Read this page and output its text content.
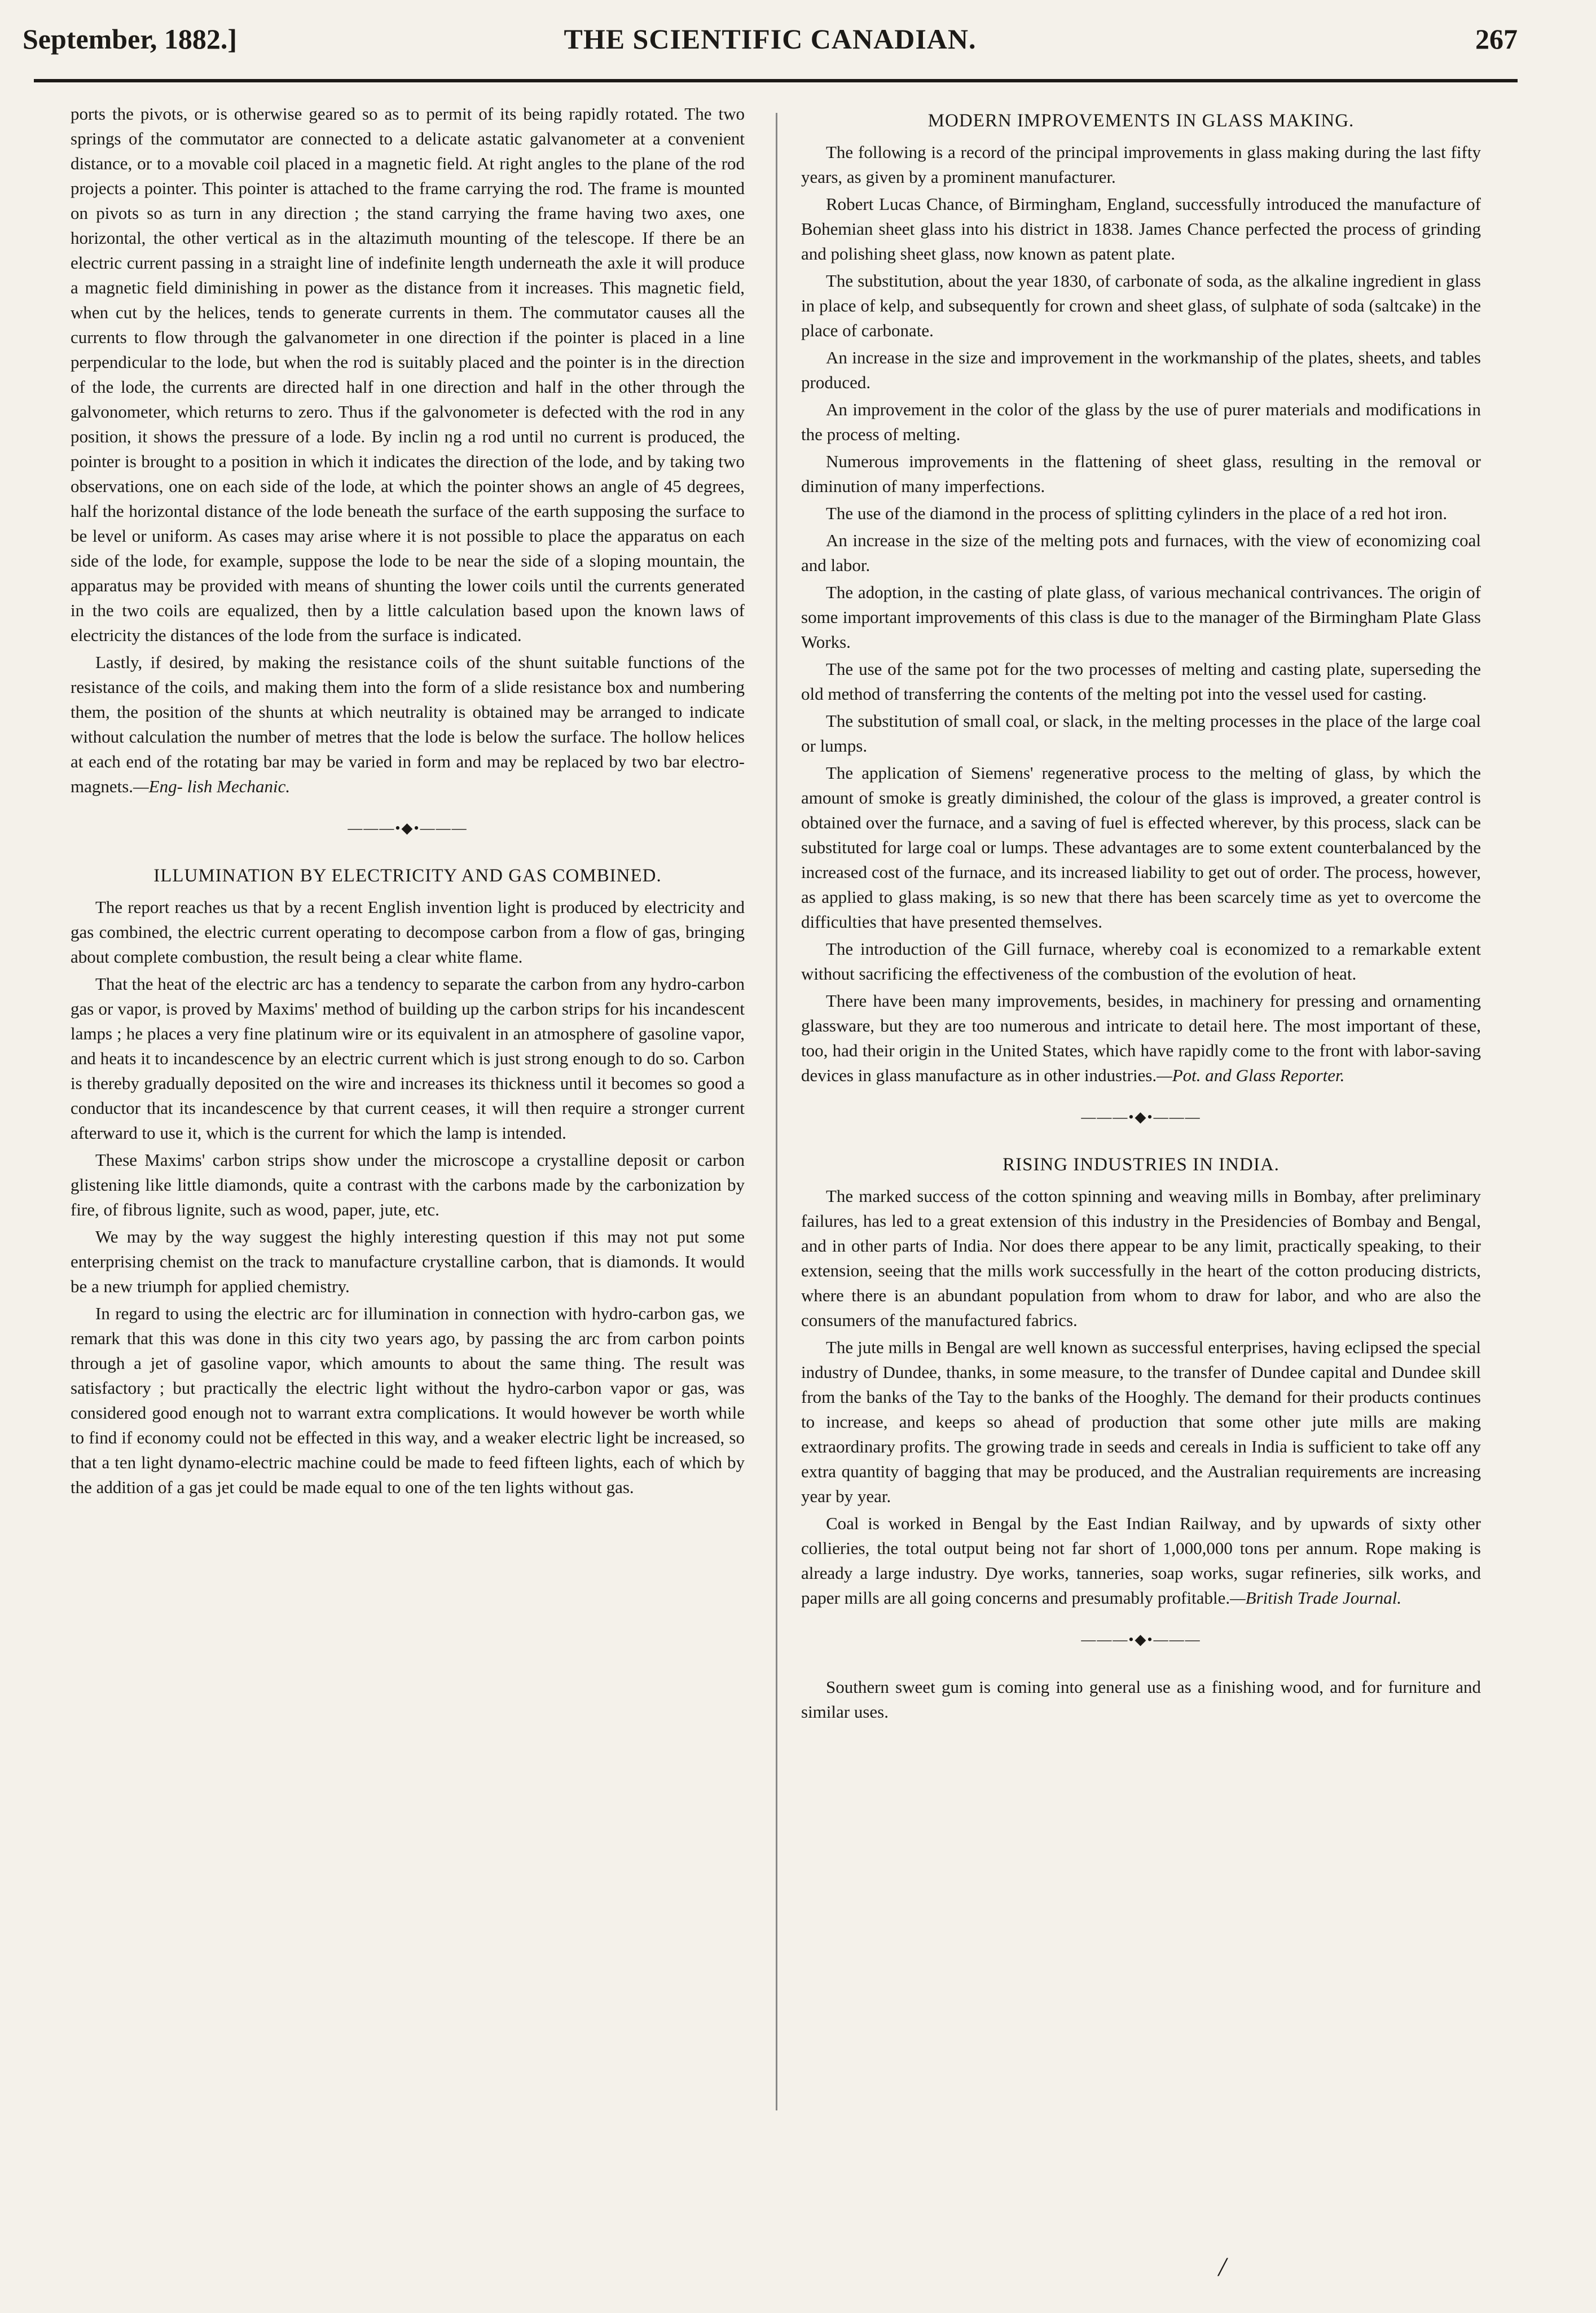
September, 1882.]	THE SCIENTIFIC CANADIAN.	267

ports the pivots, or is otherwise geared so as to permit of its being rapidly rotated. The two springs of the commutator are connected to a delicate astatic galvanometer at a convenient distance, or to a movable coil placed in a magnetic field. At right angles to the plane of the rod projects a pointer. This pointer is attached to the frame carrying the rod. The frame is mounted on pivots so as turn in any direction ; the stand carrying the frame having two axes, one horizontal, the other vertical as in the altazimuth mounting of the telescope. If there be an electric current passing in a straight line of indefinite length underneath the axle it will produce a magnetic field diminishing in power as the distance from it increases. This magnetic field, when cut by the helices, tends to generate currents in them. The commutator causes all the currents to flow through the galvanometer in one direction if the pointer is placed in a line perpendicular to the lode, but when the rod is suitably placed and the pointer is in the direction of the lode, the currents are directed half in one direction and half in the other through the galvonometer, which returns to zero. Thus if the galvonometer is defected with the rod in any position, it shows the pressure of a lode. By inclin ng a rod until no current is produced, the pointer is brought to a position in which it indicates the direction of the lode, and by taking two observations, one on each side of the lode, at which the pointer shows an angle of 45 degrees, half the horizontal distance of the lode beneath the surface of the earth supposing the surface to be level or uniform. As cases may arise where it is not possible to place the apparatus on each side of the lode, for example, suppose the lode to be near the side of a sloping mountain, the apparatus may be provided with means of shunting the lower coils until the currents generated in the two coils are equalized, then by a little calculation based upon the known laws of electricity the distances of the lode from the surface is indicated.

Lastly, if desired, by making the resistance coils of the shunt suitable functions of the resistance of the coils, and making them into the form of a slide resistance box and numbering them, the position of the shunts at which neutrality is obtained may be arranged to indicate without calculation the number of metres that the lode is below the surface. The hollow helices at each end of the rotating bar may be varied in form and may be replaced by two bar electro-magnets.—Eng- lish Mechanic.

———•◆•———
ILLUMINATION BY ELECTRICITY AND GAS COMBINED.

The report reaches us that by a recent English invention light is produced by electricity and gas combined, the electric current operating to decompose carbon from a flow of gas, bringing about complete combustion, the result being a clear white flame.

That the heat of the electric arc has a tendency to separate the carbon from any hydro-carbon gas or vapor, is proved by Maxims' method of building up the carbon strips for his incandescent lamps ; he places a very fine platinum wire or its equivalent in an atmosphere of gasoline vapor, and heats it to incandescence by an electric current which is just strong enough to do so. Carbon is thereby gradually deposited on the wire and increases its thickness until it becomes so good a conductor that its incandescence by that current ceases, it will then require a stronger current afterward to use it, which is the current for which the lamp is intended.

These Maxims' carbon strips show under the microscope a crystalline deposit or carbon glistening like little diamonds, quite a contrast with the carbons made by the carbonization by fire, of fibrous lignite, such as wood, paper, jute, etc.

We may by the way suggest the highly interesting question if this may not put some enterprising chemist on the track to manufacture crystalline carbon, that is diamonds. It would be a new triumph for applied chemistry.

In regard to using the electric arc for illumination in connection with hydro-carbon gas, we remark that this was done in this city two years ago, by passing the arc from carbon points through a jet of gasoline vapor, which amounts to about the same thing. The result was satisfactory ; but practically the electric light without the hydro-carbon vapor or gas, was considered good enough not to warrant extra complications. It would however be worth while to find if economy could not be effected in this way, and a weaker electric light be increased, so that a ten light dynamo-electric machine could be made to feed fifteen lights, each of which by the addition of a gas jet could be made equal to one of the ten lights without gas.

MODERN IMPROVEMENTS IN GLASS MAKING.

The following is a record of the principal improvements in glass making during the last fifty years, as given by a prominent manufacturer.

Robert Lucas Chance, of Birmingham, England, successfully introduced the manufacture of Bohemian sheet glass into his district in 1838. James Chance perfected the process of grinding and polishing sheet glass, now known as patent plate.

The substitution, about the year 1830, of carbonate of soda, as the alkaline ingredient in glass in place of kelp, and subsequently for crown and sheet glass, of sulphate of soda (saltcake) in the place of carbonate.

An increase in the size and improvement in the workmanship of the plates, sheets, and tables produced.

An improvement in the color of the glass by the use of purer materials and modifications in the process of melting.

Numerous improvements in the flattening of sheet glass, resulting in the removal or diminution of many imperfections.

The use of the diamond in the process of splitting cylinders in the place of a red hot iron.

An increase in the size of the melting pots and furnaces, with the view of economizing coal and labor.

The adoption, in the casting of plate glass, of various mechanical contrivances. The origin of some important improvements of this class is due to the manager of the Birmingham Plate Glass Works.

The use of the same pot for the two processes of melting and casting plate, superseding the old method of transferring the contents of the melting pot into the vessel used for casting.

The substitution of small coal, or slack, in the melting processes in the place of the large coal or lumps.

The application of Siemens' regenerative process to the melting of glass, by which the amount of smoke is greatly diminished, the colour of the glass is improved, a greater control is obtained over the furnace, and a saving of fuel is effected wherever, by this process, slack can be substituted for large coal or lumps. These advantages are to some extent counterbalanced by the increased cost of the furnace, and its increased liability to get out of order. The process, however, as applied to glass making, is so new that there has been scarcely time as yet to overcome the difficulties that have presented themselves.

The introduction of the Gill furnace, whereby coal is economized to a remarkable extent without sacrificing the effectiveness of the combustion of the evolution of heat.

There have been many improvements, besides, in machinery for pressing and ornamenting glassware, but they are too numerous and intricate to detail here. The most important of these, too, had their origin in the United States, which have rapidly come to the front with labor-saving devices in glass manufacture as in other industries.—Pot. and Glass Reporter.

———•◆•———
RISING INDUSTRIES IN INDIA.

The marked success of the cotton spinning and weaving mills in Bombay, after preliminary failures, has led to a great extension of this industry in the Presidencies of Bombay and Bengal, and in other parts of India. Nor does there appear to be any limit, practically speaking, to their extension, seeing that the mills work successfully in the heart of the cotton producing districts, where there is an abundant population from whom to draw for labor, and who are also the consumers of the manufactured fabrics.

The jute mills in Bengal are well known as successful enterprises, having eclipsed the special industry of Dundee, thanks, in some measure, to the transfer of Dundee capital and Dundee skill from the banks of the Tay to the banks of the Hooghly. The demand for their products continues to increase, and keeps so ahead of production that some other jute mills are making extraordinary profits. The growing trade in seeds and cereals in India is sufficient to take off any extra quantity of bagging that may be produced, and the Australian requirements are increasing year by year.

Coal is worked in Bengal by the East Indian Railway, and by upwards of sixty other collieries, the total output being not far short of 1,000,000 tons per annum. Rope making is already a large industry. Dye works, tanneries, soap works, sugar refineries, silk works, and paper mills are all going concerns and presumably profitable.—British Trade Journal.

———•◆•———

Southern sweet gum is coming into general use as a finishing wood, and for furniture and similar uses.

/
